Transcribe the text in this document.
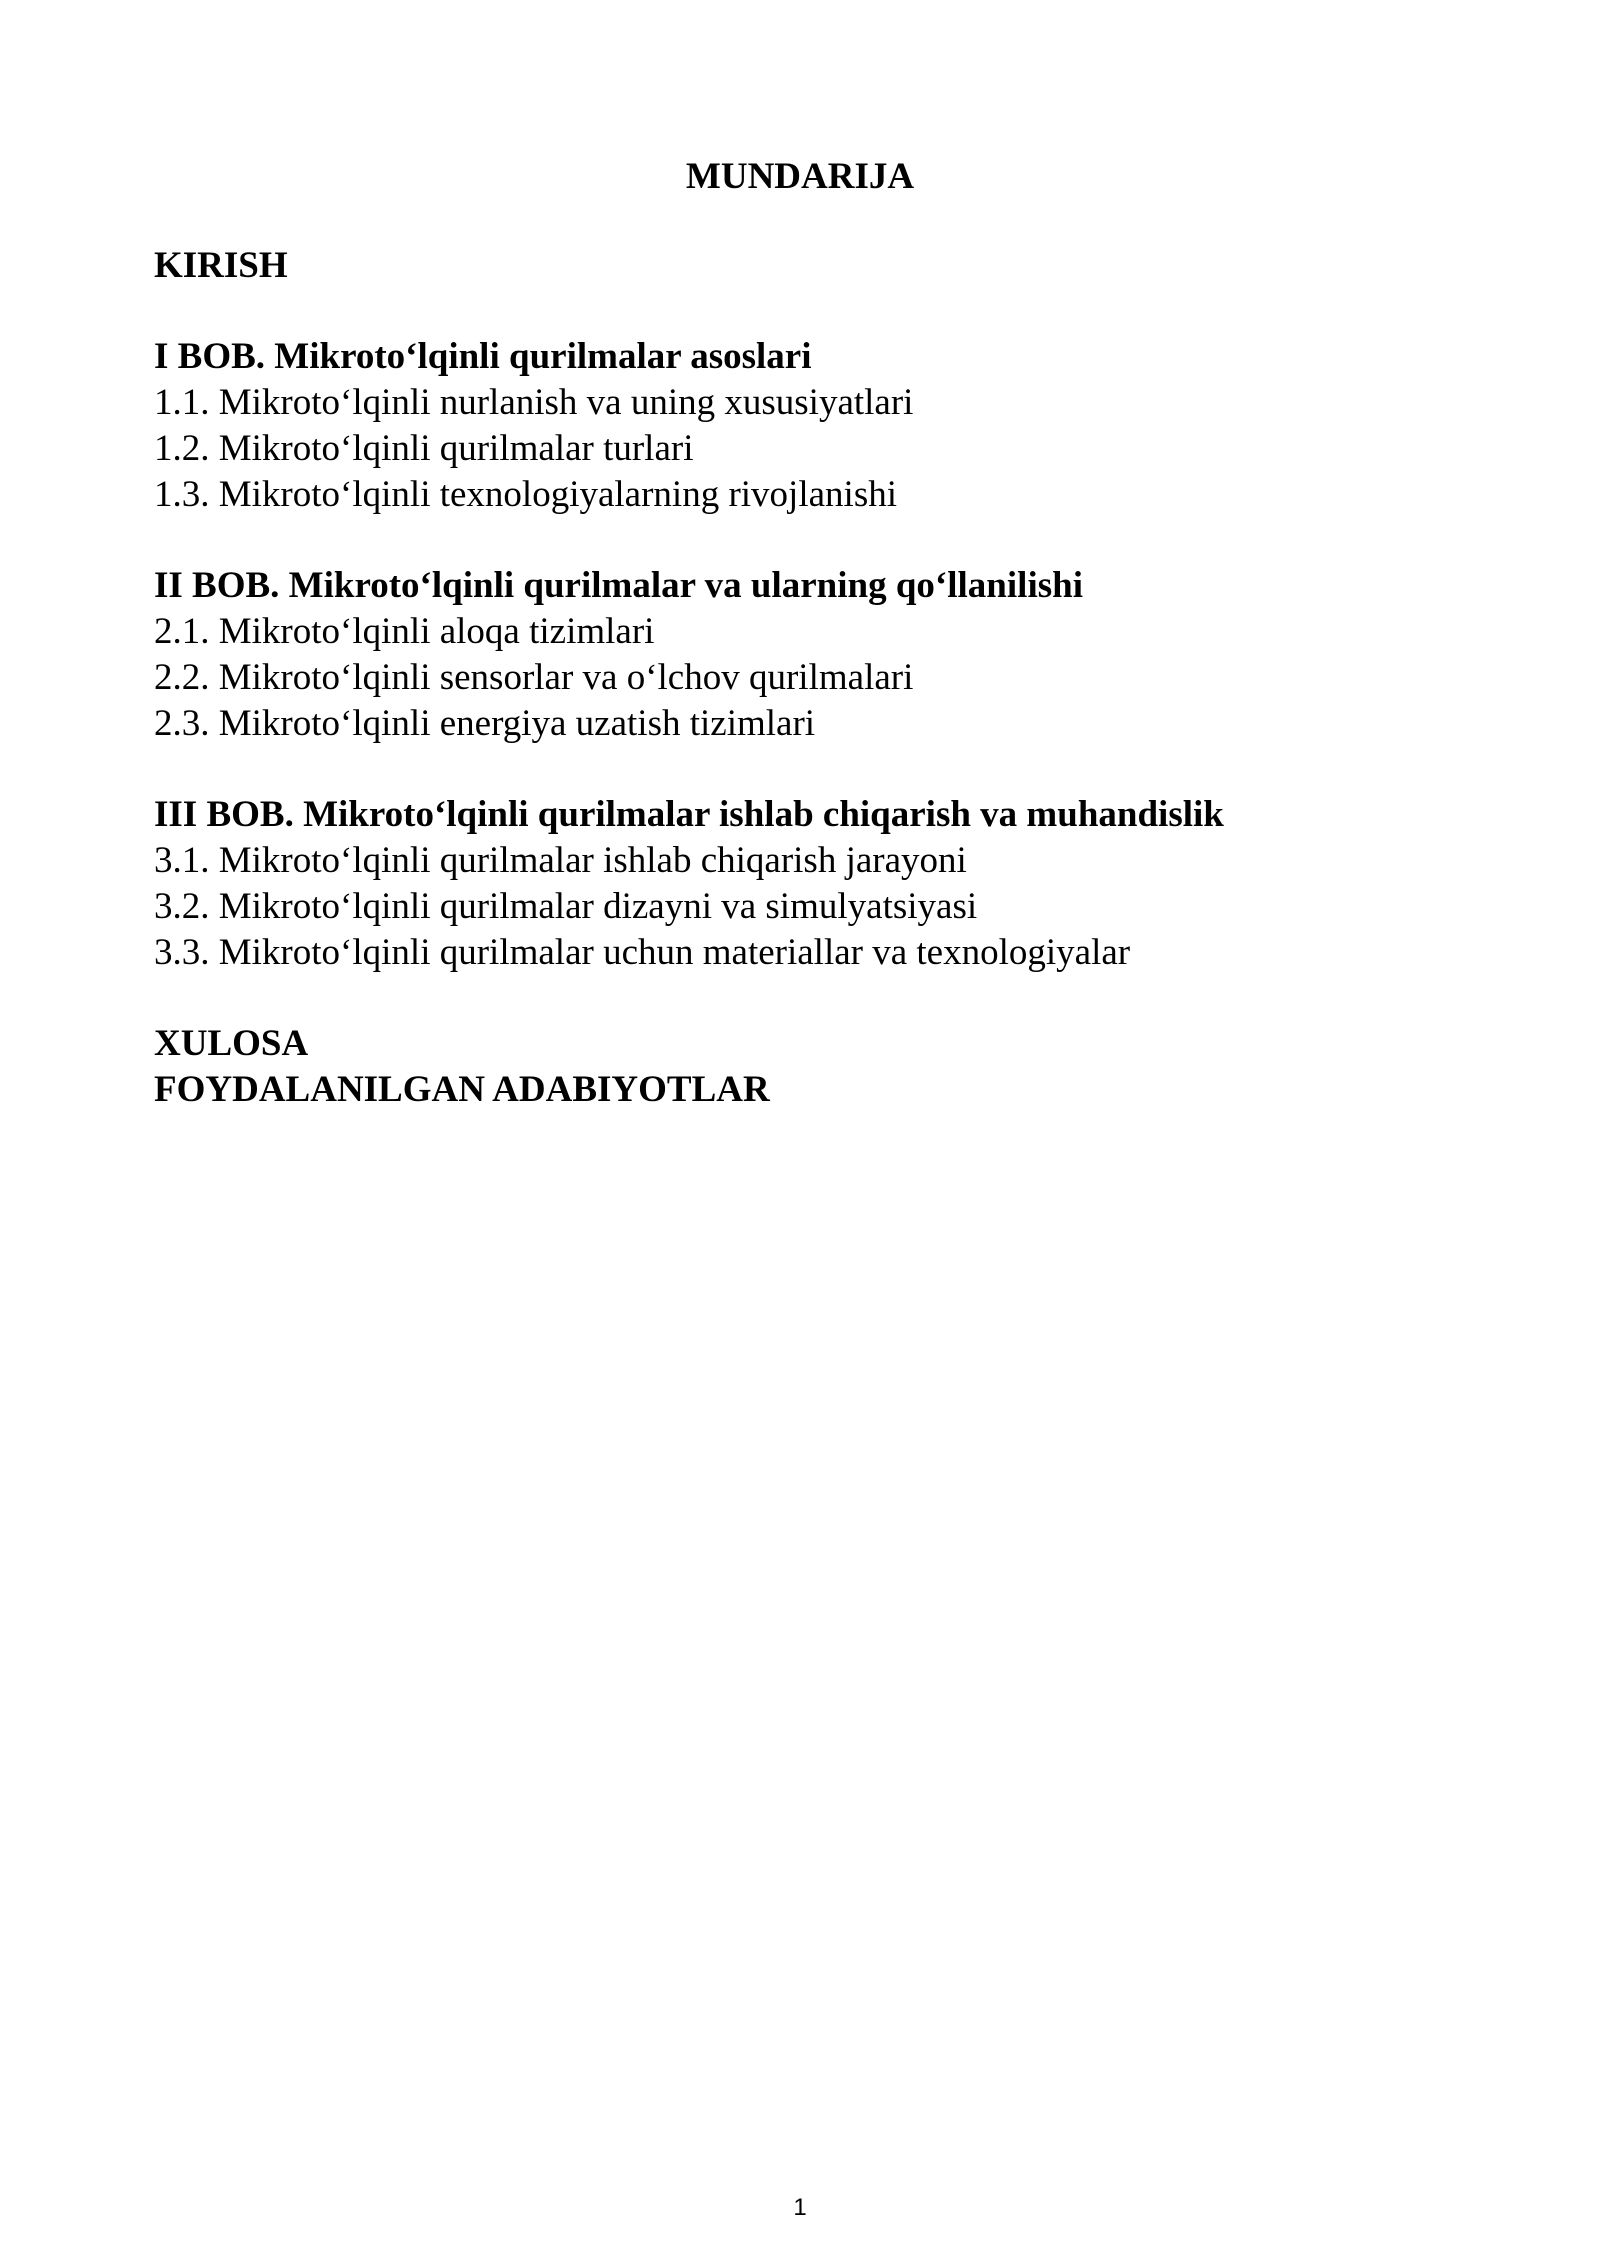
MUNDARIJA
KIRISH
I BOB. Mikroto‘lqinli qurilmalar asoslari
1.1. Mikroto‘lqinli nurlanish va uning xususiyatlari
1.2. Mikroto‘lqinli qurilmalar turlari
1.3. Mikroto‘lqinli texnologiyalarning rivojlanishi
II BOB. Mikroto‘lqinli qurilmalar va ularning qo‘llanilishi
2.1. Mikroto‘lqinli aloqa tizimlari
2.2. Mikroto‘lqinli sensorlar va o‘lchov qurilmalari
2.3. Mikroto‘lqinli energiya uzatish tizimlari
III BOB. Mikroto‘lqinli qurilmalar ishlab chiqarish va muhandislik
3.1. Mikroto‘lqinli qurilmalar ishlab chiqarish jarayoni
3.2. Mikroto‘lqinli qurilmalar dizayni va simulyatsiyasi
3.3. Mikroto‘lqinli qurilmalar uchun materiallar va texnologiyalar
XULOSA
FOYDALANILGAN ADABIYOTLAR
1
